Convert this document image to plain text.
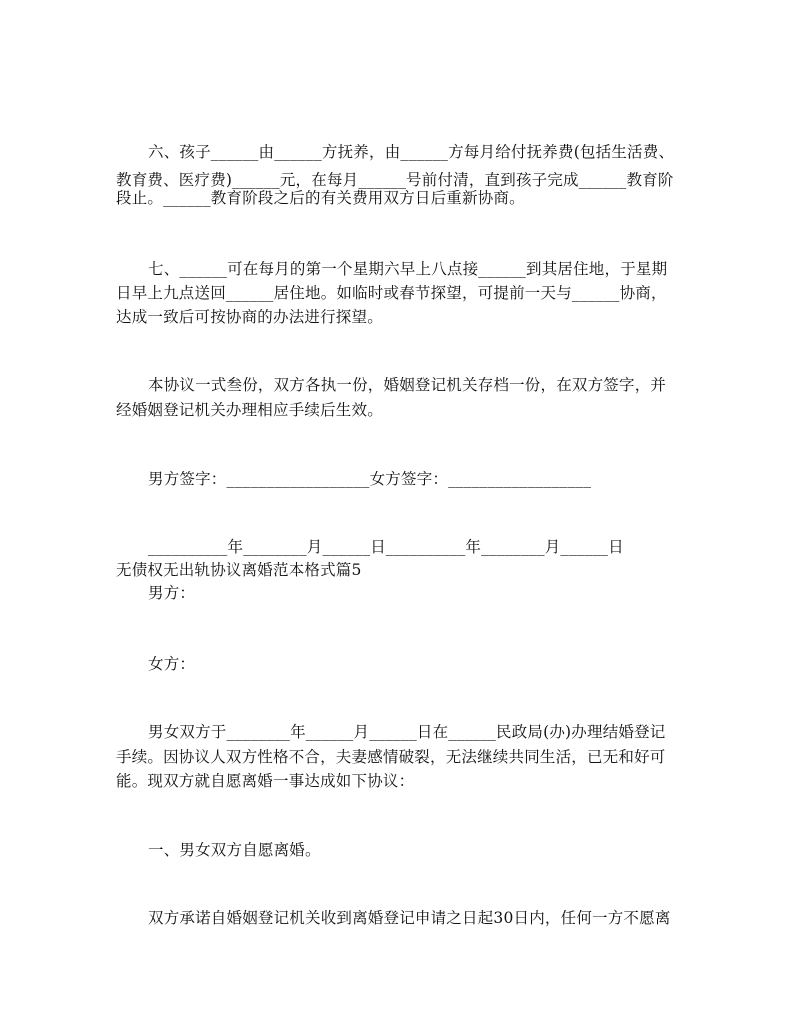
六、孩子______由______方抚养，由______方每月给付抚养费(包括生活费、
教育费、医疗费)______元，在每月______号前付清，直到孩子完成______教育阶
段止。______教育阶段之后的有关费用双方日后重新协商。
七、______可在每月的第一个星期六早上八点接______到其居住地，于星期
日早上九点送回______居住地。如临时或春节探望，可提前一天与______协商，
达成一致后可按协商的办法进行探望。
本协议一式叁份，双方各执一份，婚姻登记机关存档一份，在双方签字，并
经婚姻登记机关办理相应手续后生效。
男方签字：__________________女方签字：__________________
__________年________月______日__________年________月______日
无债权无出轨协议离婚范本格式篇5
男方：
女方：
男女双方于________年______月______日在______民政局(办)办理结婚登记
手续。因协议人双方性格不合，夫妻感情破裂，无法继续共同生活，已无和好可
能。现双方就自愿离婚一事达成如下协议：
一、男女双方自愿离婚。
双方承诺自婚姻登记机关收到离婚登记申请之日起30日内，任何一方不愿离
